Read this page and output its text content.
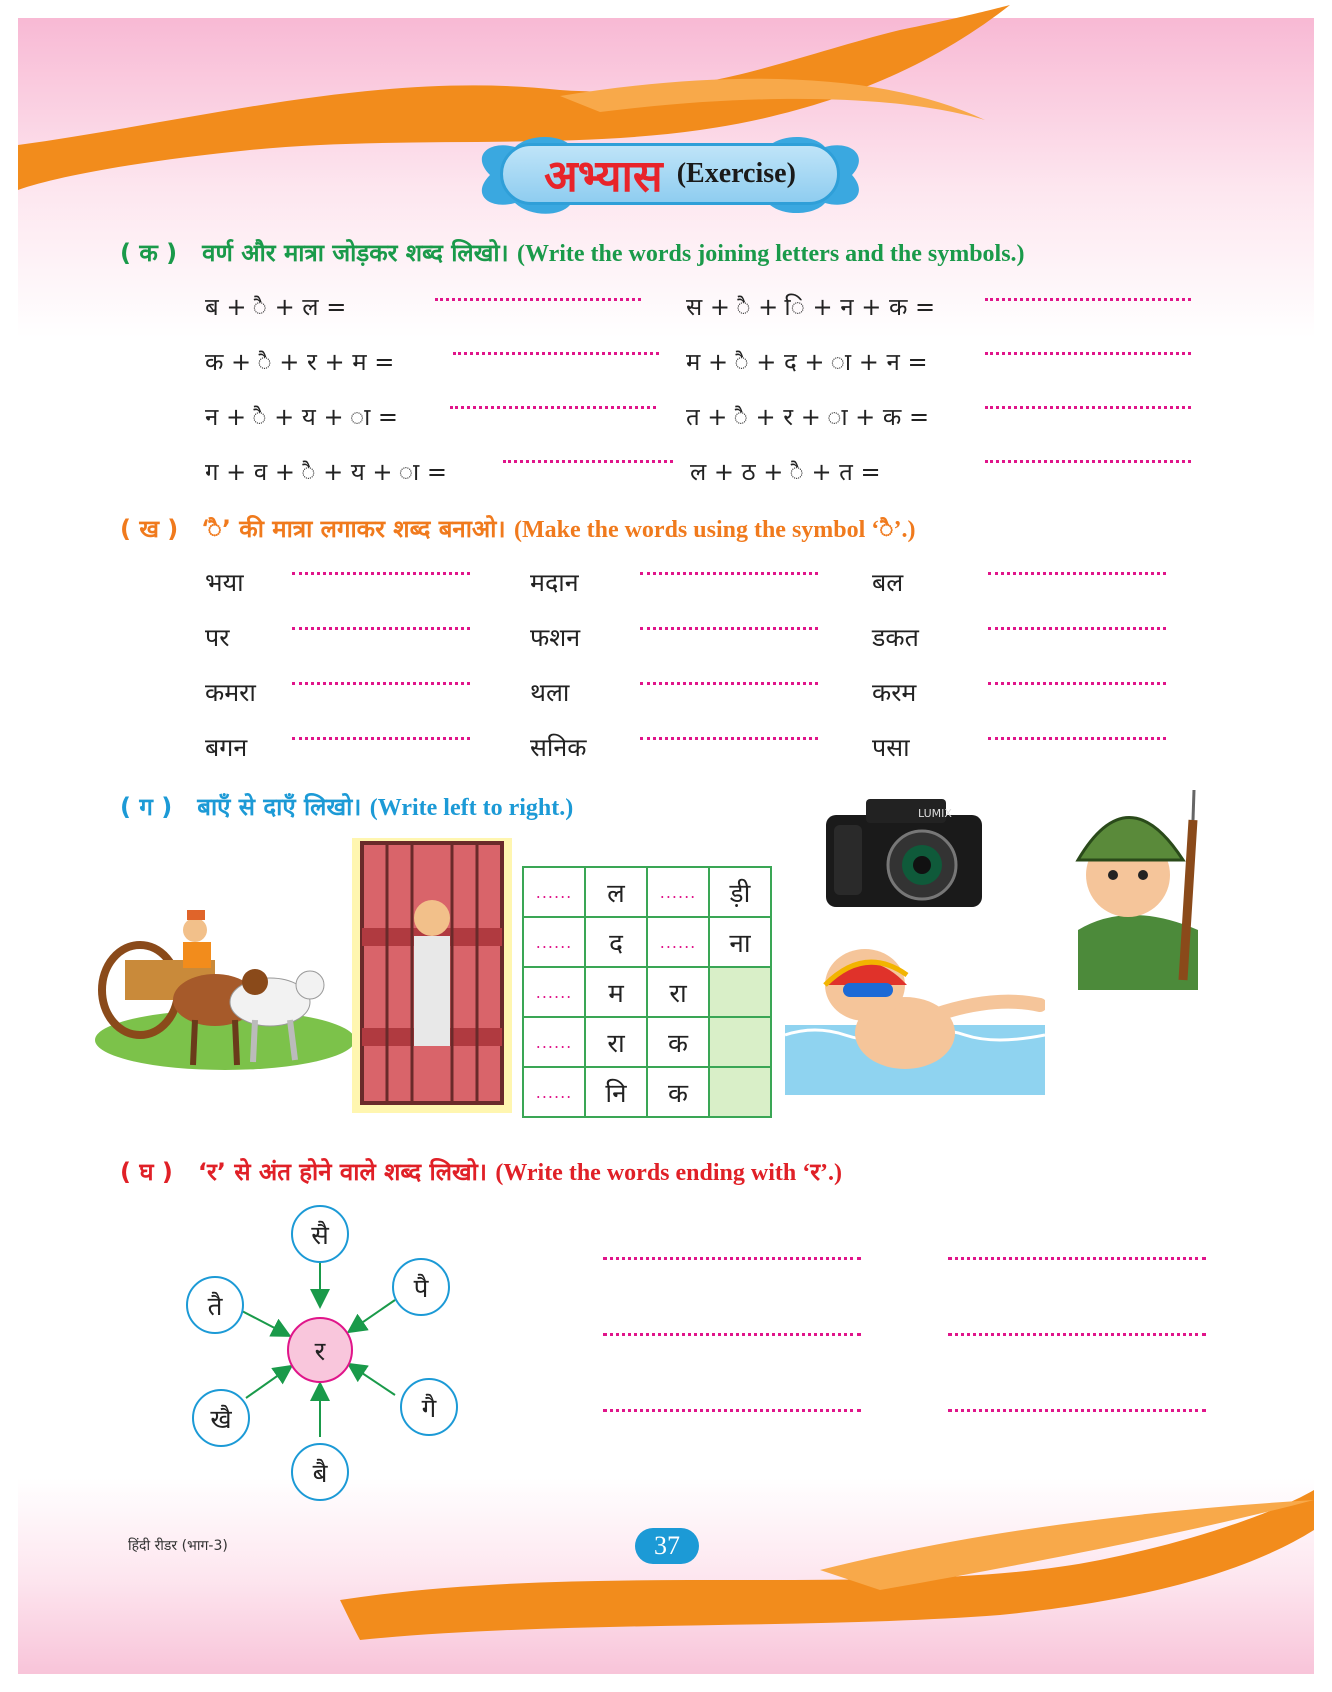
अभ्यास (Exercise)
( क ) वर्ण और मात्रा जोड़कर शब्द लिखो। (Write the words joining letters and the symbols.)
ब + ै + ल =	स + ै + ि + न + क =
क + ै + र + म =	म + ै + द + ा + न =
न + ै + य + ा =	त + ै + र + ा + क =
ग + व + ै + य + ा =	ल + ठ + ै + त =
( ख ) ‘ै’ की मात्रा लगाकर शब्द बनाओ। (Make the words using the symbol ‘ै’.)
भया	मदान	बल
पर	फशन	डकत
कमरा	थला	करम
बगन	सनिक	पसा
( ग ) बाएँ से दाएँ लिखो। (Write left to right.)
......	ल	......	ड़ी
......	द	......	ना
......	म	रा	
......	रा	क	
......	नि	क	
LUMIX
( घ ) ‘र’ से अंत होने वाले शब्द लिखो। (Write the words ending with ‘र’.)
सै
पै
गै
बै
खै
तै
र
हिंदी रीडर (भाग-3)	37
